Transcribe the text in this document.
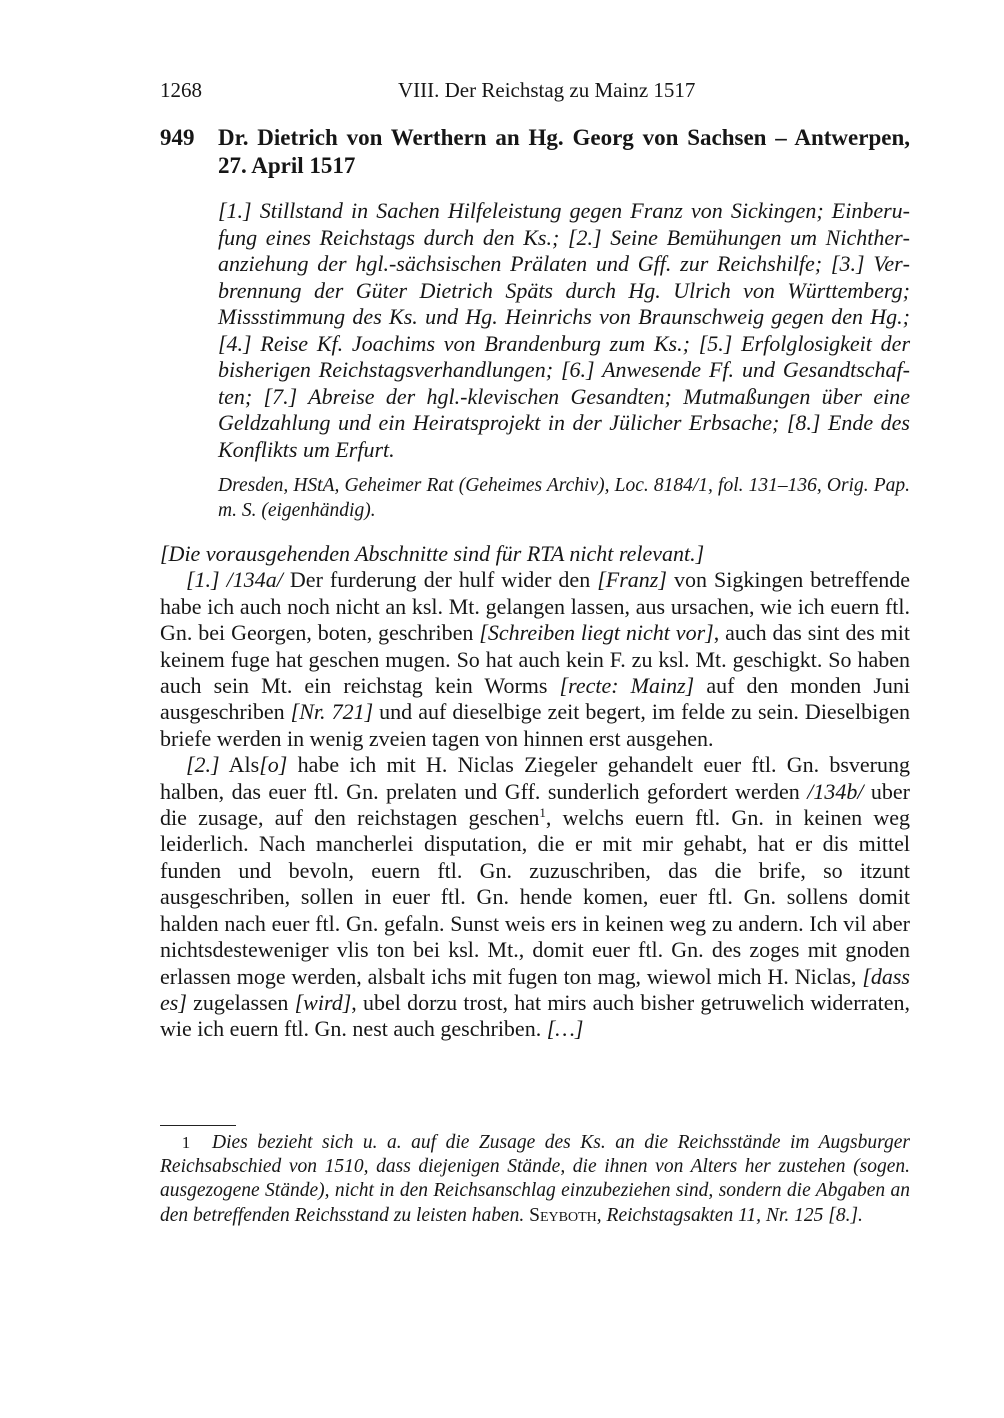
1268	VIII. Der Reichstag zu Mainz 1517
949 Dr. Dietrich von Werthern an Hg. Georg von Sachsen – Antwerpen, 27. April 1517
[1.] Stillstand in Sachen Hilfeleistung gegen Franz von Sickingen; Einberufung eines Reichstags durch den Ks.; [2.] Seine Bemühungen um Nichtheranziehung der hgl.-sächsischen Prälaten und Gff. zur Reichshilfe; [3.] Verbrennung der Güter Dietrich Späts durch Hg. Ulrich von Württemberg; Missstimmung des Ks. und Hg. Heinrichs von Braunschweig gegen den Hg.; [4.] Reise Kf. Joachims von Brandenburg zum Ks.; [5.] Erfolglosigkeit der bisherigen Reichstagsverhandlungen; [6.] Anwesende Ff. und Gesandtschaften; [7.] Abreise der hgl.-klevischen Gesandten; Mutmaßungen über eine Geldzahlung und ein Heiratsprojekt in der Jülicher Erbsache; [8.] Ende des Konflikts um Erfurt.
Dresden, HStA, Geheimer Rat (Geheimes Archiv), Loc. 8184/1, fol. 131–136, Orig. Pap. m. S. (eigenhändig).

[Die vorausgehenden Abschnitte sind für RTA nicht relevant.]

[1.] /134a/ Der furderung der hulf wider den [Franz] von Sigkingen betreffende habe ich auch noch nicht an ksl. Mt. gelangen lassen, aus ursachen, wie ich euern ftl. Gn. bei Georgen, boten, geschriben [Schreiben liegt nicht vor], auch das sint des mit keinem fuge hat geschen mugen. So hat auch kein F. zu ksl. Mt. geschigkt. So haben auch sein Mt. ein reichstag kein Worms [recte: Mainz] auf den monden Juni ausgeschriben [Nr. 721] und auf dieselbige zeit begert, im felde zu sein. Dieselbigen briefe werden in wenig zveien tagen von hinnen erst ausgehen.

[2.] Als[o] habe ich mit H. Niclas Ziegeler gehandelt euer ftl. Gn. bsverung halben, das euer ftl. Gn. prelaten und Gff. sunderlich gefordert werden /134b/ uber die zusage, auf den reichstagen geschen$^1$, welchs euern ftl. Gn. in keinen weg leiderlich. Nach mancherlei disputation, die er mit mir gehabt, hat er dis mittel funden und bevoln, euern ftl. Gn. zuzuschriben, das die brife, so itzunt ausgeschriben, sollen in euer ftl. Gn. hende komen, euer ftl. Gn. sollens domit halden nach euer ftl. Gn. gefaln. Sunst weis ers in keinen weg zu andern. Ich vil aber nichtsdesteweniger vlis ton bei ksl. Mt., domit euer ftl. Gn. des zoges mit gnoden erlassen moge werden, alsbalt ichs mit fugen ton mag, wiewol mich H. Niclas, [dass es] zugelassen [wird], ubel dorzu trost, hat mirs auch bisher getruwelich widerraten, wie ich euern ftl. Gn. nest auch geschriben. […]

1 Dies bezieht sich u. a. auf die Zusage des Ks. an die Reichsstände im Augsburger Reichsabschied von 1510, dass diejenigen Stände, die ihnen von Alters her zustehen (sogen. ausgezogene Stände), nicht in den Reichsanschlag einzubeziehen sind, sondern die Abgaben an den betreffenden Reichsstand zu leisten haben. Seyboth, Reichstagsakten 11, Nr. 125 [8.].
